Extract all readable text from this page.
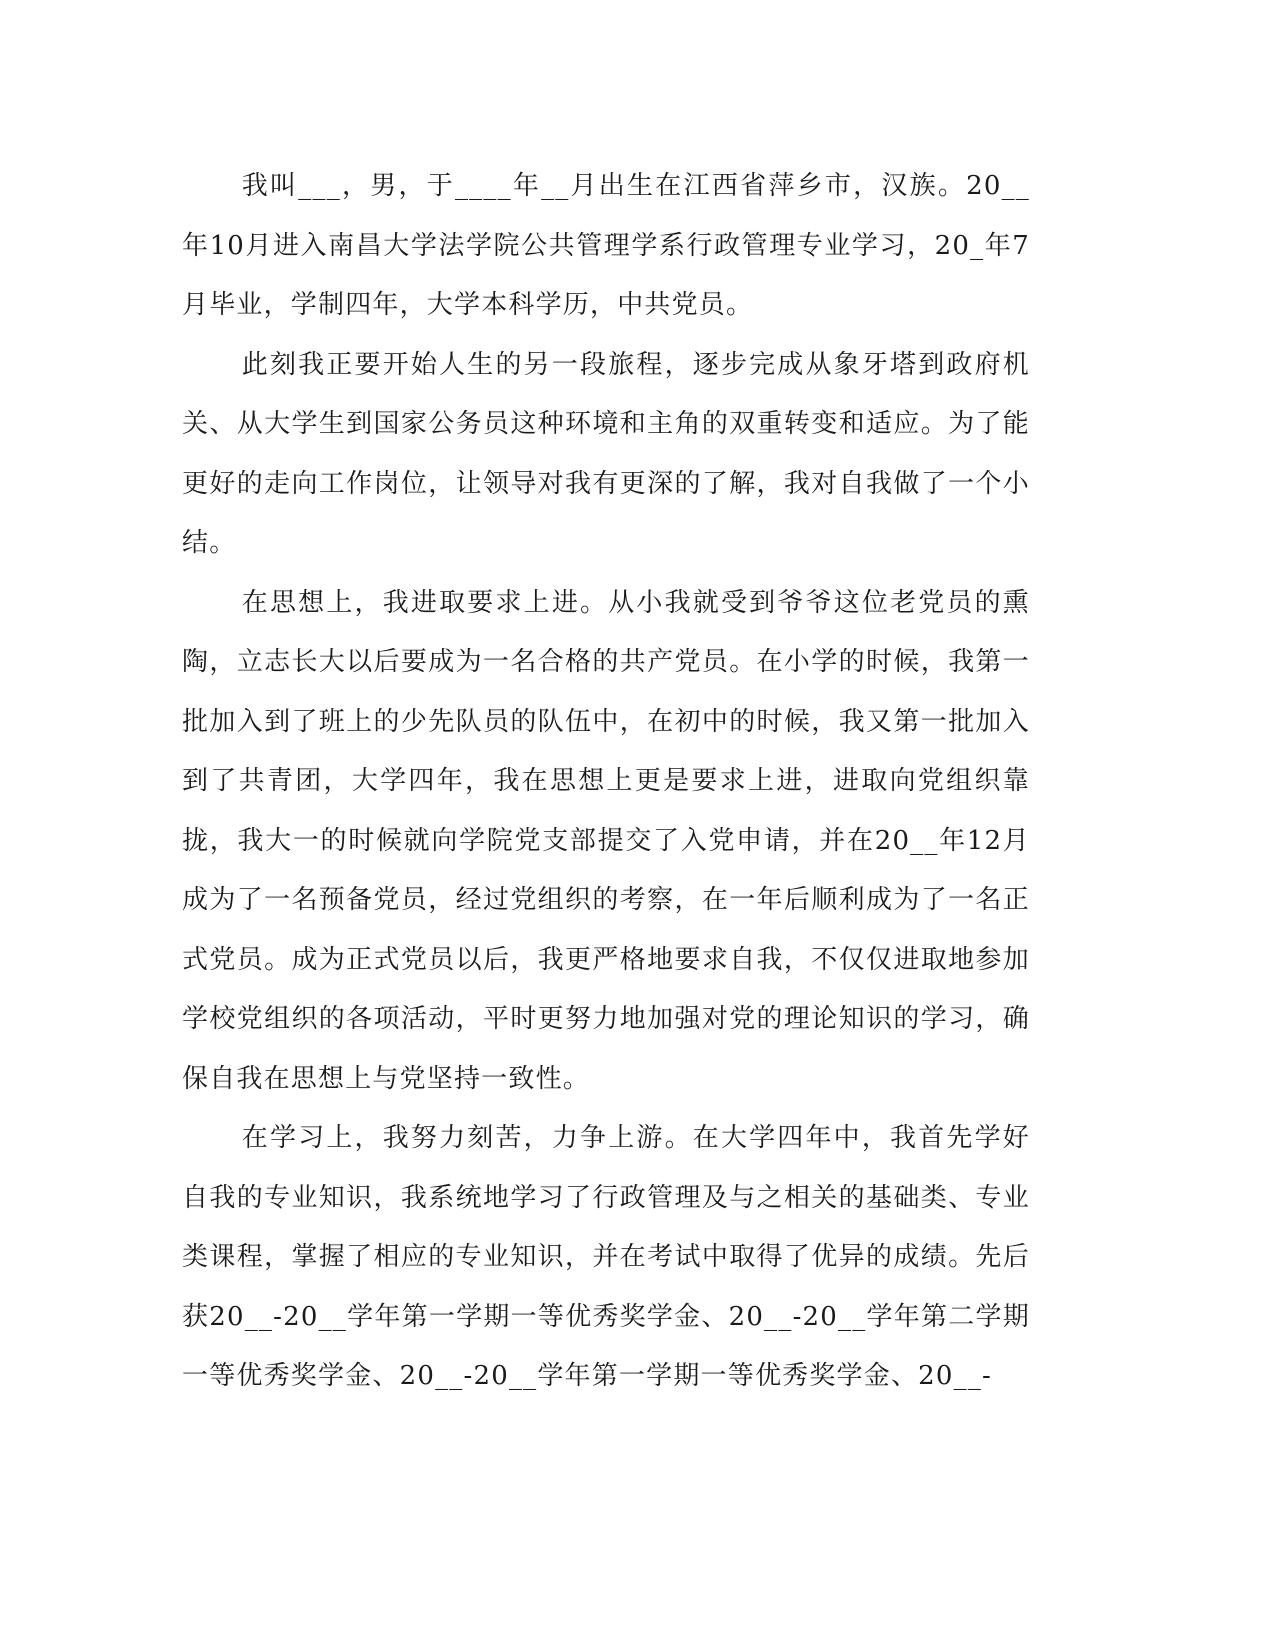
我叫___，男，于____年__月出生在江西省萍乡市，汉族。20__年10月进入南昌大学法学院公共管理学系行政管理专业学习，20_年7月毕业，学制四年，大学本科学历，中共党员。

此刻我正要开始人生的另一段旅程，逐步完成从象牙塔到政府机关、从大学生到国家公务员这种环境和主角的双重转变和适应。为了能更好的走向工作岗位，让领导对我有更深的了解，我对自我做了一个小结。

在思想上，我进取要求上进。从小我就受到爷爷这位老党员的熏陶，立志长大以后要成为一名合格的共产党员。在小学的时候，我第一批加入到了班上的少先队员的队伍中，在初中的时候，我又第一批加入到了共青团，大学四年，我在思想上更是要求上进，进取向党组织靠拢，我大一的时候就向学院党支部提交了入党申请，并在20__年12月成为了一名预备党员，经过党组织的考察，在一年后顺利成为了一名正式党员。成为正式党员以后，我更严格地要求自我，不仅仅进取地参加学校党组织的各项活动，平时更努力地加强对党的理论知识的学习，确保自我在思想上与党坚持一致性。

在学习上，我努力刻苦，力争上游。在大学四年中，我首先学好自我的专业知识，我系统地学习了行政管理及与之相关的基础类、专业类课程，掌握了相应的专业知识，并在考试中取得了优异的成绩。先后获20__-20__学年第一学期一等优秀奖学金、20__-20__学年第二学期一等优秀奖学金、20__-20__学年第一学期一等优秀奖学金、20__-
